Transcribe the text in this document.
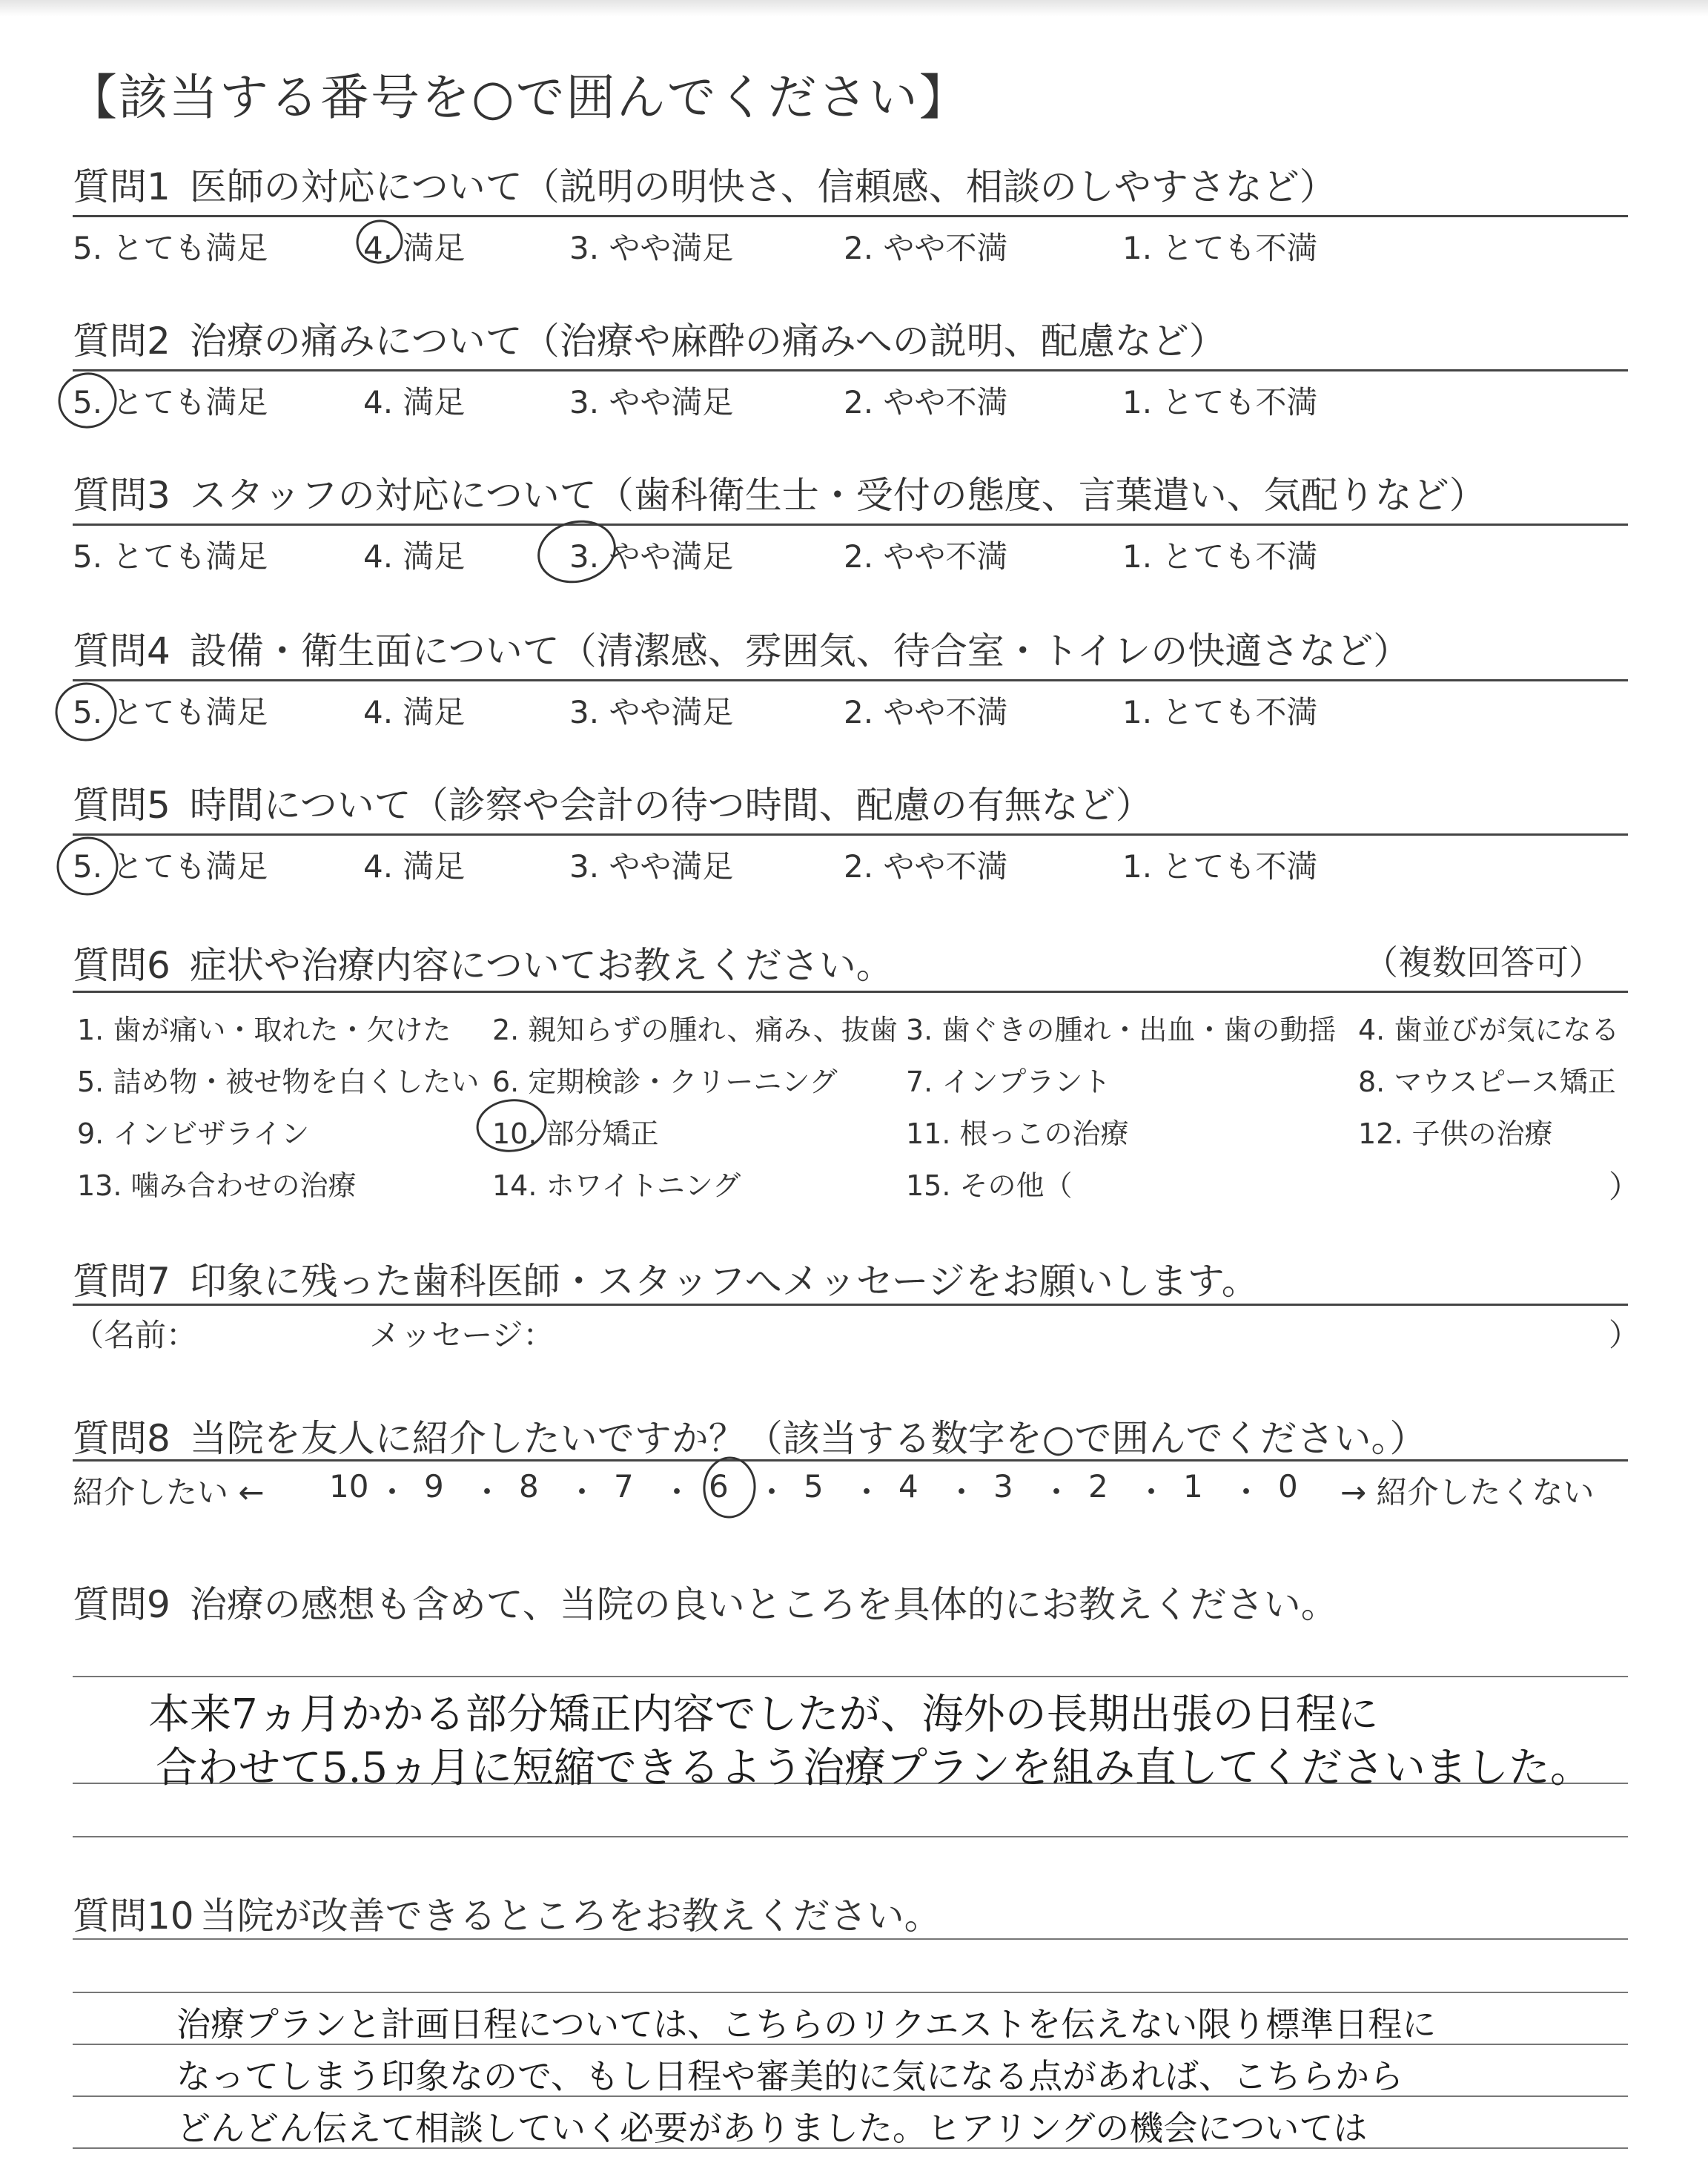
【該当する番号を○で囲んでください】
質問1 医師の対応について（説明の明快さ、信頼感、相談のしやすさなど）
5. とても満足	4. 満足	3. やや満足	2. やや不満	1. とても不満
質問2 治療の痛みについて（治療や麻酔の痛みへの説明、配慮など）
5. とても満足	4. 満足	3. やや満足	2. やや不満	1. とても不満
質問3 スタッフの対応について（歯科衛生士・受付の態度、言葉遣い、気配りなど）
5. とても満足	4. 満足	3. やや満足	2. やや不満	1. とても不満
質問4 設備・衛生面について（清潔感、雰囲気、待合室・トイレの快適さなど）
5. とても満足	4. 満足	3. やや満足	2. やや不満	1. とても不満
質問5 時間について（診察や会計の待つ時間、配慮の有無など）
5. とても満足	4. 満足	3. やや満足	2. やや不満	1. とても不満
質問6 症状や治療内容についてお教えください。	（複数回答可）
1. 歯が痛い・取れた・欠けた 2. 親知らずの腫れ、痛み、抜歯 3. 歯ぐきの腫れ・出血・歯の動揺 4. 歯並びが気になる
5. 詰め物・被せ物を白くしたい 6. 定期検診・クリーニング 7. インプラント	8. マウスピース矯正
9. インビザライン	10. 部分矯正	11. 根っこの治療	12. 子供の治療
13. 噛み合わせの治療	14. ホワイトニング	15. その他（	）
質問7 印象に残った歯科医師・スタッフへメッセージをお願いします。
（名前：	メッセージ：	）
質問8 当院を友人に紹介したいですか？（該当する数字を○で囲んでください。）
紹介したい ← 10 ・ 9 ・ 8 ・ 7 ・ 6 ・ 5 ・ 4 ・ 3 ・ 2 ・ 1 ・ 0 → 紹介したくない
質問9 治療の感想も含めて、当院の良いところを具体的にお教えください。
本来7ヵ月かかる部分矯正内容でしたが、海外の長期出張の日程に
合わせて5.5ヵ月に短縮できるよう治療プランを組み直してくださいました。
質問10 当院が改善できるところをお教えください。
治療プランと計画日程については、こちらのリクエストを伝えない限り標準日程に
なってしまう印象なので、もし日程や審美的に気になる点があれば、こちらから
どんどん伝えて相談していく必要がありました。ヒアリングの機会については
